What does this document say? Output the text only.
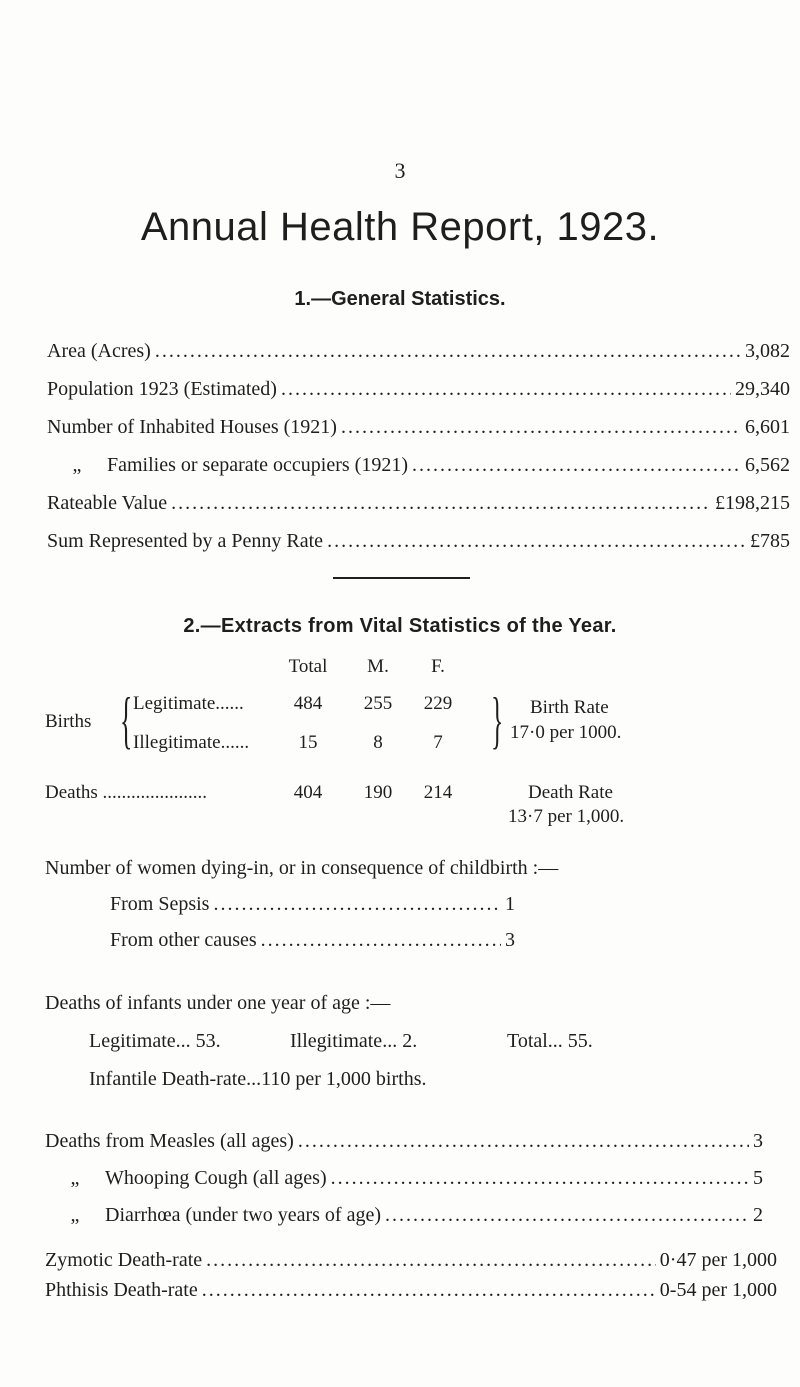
3
Annual Health Report, 1923.
1.—General Statistics.
Area (Acres) .....	3,082
Population 1923 (Estimated) .....	29,340
Number of Inhabited Houses (1921) .....	6,601
„ Families or separate occupiers (1921) .....	6,562
Rateable Value .....	£198,215
Sum Represented by a Penny Rate .....	£785
2.—Extracts from Vital Statistics of the Year.
Total	M.	F.
Births { Legitimate......	484	255	229
Illegitimate......	15	8	7 } Birth Rate
17·0 per 1000.
Deaths ......................	404	190	214	Death Rate
13·7 per 1,000.
Number of women dying-in, or in consequence of childbirth :—
From Sepsis .....	1
From other causes .....	3
Deaths of infants under one year of age :—
Legitimate... 53.	Illegitimate... 2.	Total... 55.
Infantile Death-rate...110 per 1,000 births.
Deaths from Measles (all ages) .....	3
„ Whooping Cough (all ages) .....	5
„ Diarrhœa (under two years of age) .....	2
Zymotic Death-rate .....	0·47 per 1,000
Phthisis Death-rate .....	0-54 per 1,000
